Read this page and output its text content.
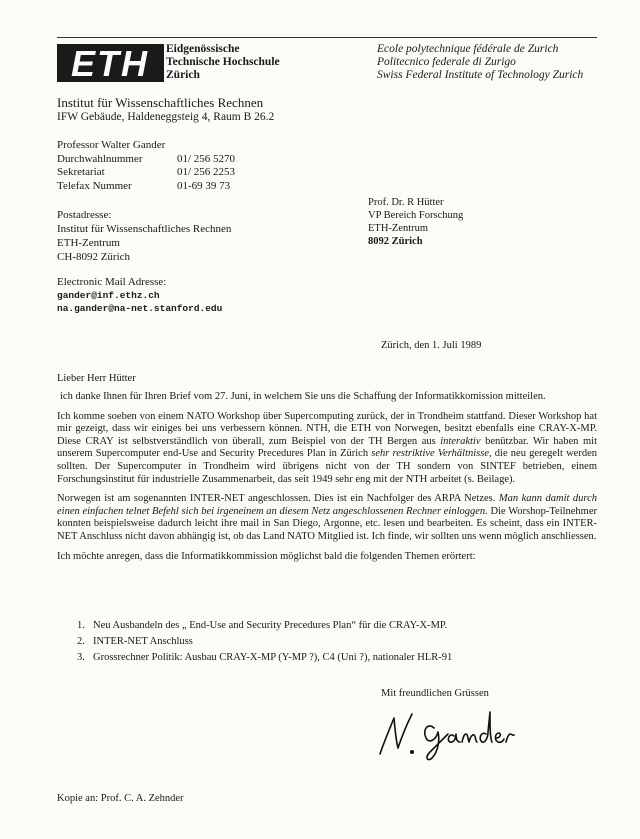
ETH Eidgenössische
Technische Hochschule
Zürich
Ecole polytechnique fédérale de Zurich
Politecnico federale di Zurigo
Swiss Federal Institute of Technology Zurich
Institut für Wissenschaftliches Rechnen
IFW Gebäude, Haldeneggsteig 4, Raum B 26.2
Professor Walter Gander
Durchwahlnummer	01/ 256 5270
Sekretariat	01/ 256 2253
Telefax Nummer	01-69 39 73
Prof. Dr. R Hütter
VP Bereich Forschung
ETH-Zentrum
8092 Zürich
Postadresse:
Institut für Wissenschaftliches Rechnen
ETH-Zentrum
CH-8092 Zürich
Electronic Mail Adresse:
gander@inf.ethz.ch
na.gander@na-net.stanford.edu
Zürich, den 1. Juli 1989
Lieber Herr Hütter

ich danke Ihnen für Ihren Brief vom 27. Juni, in welchem Sie uns die Schaffung der Informatikkomission mitteilen.

Ich komme soeben von einem NATO Workshop über Supercomputing zurück, der in Trondheim stattfand. Dieser Workshop hat mir gezeigt, dass wir einiges bei uns verbessern können. NTH, die ETH von Norwegen, besitzt ebenfalls eine CRAY-X-MP. Diese CRAY ist selbstverständlich von überall, zum Beispiel von der TH Bergen aus interaktiv benützbar. Wir haben mit unserem Supercomputer end-Use and Security Precedures Plan in Zürich sehr restriktive Verhältnisse, die neu geregelt werden sollten. Der Supercomputer in Trondheim wird übrigens nicht von der TH sondern von SINTEF betrieben, einem Forschungsinstitut für industrielle Zusammenarbeit, das seit 1949 sehr eng mit der NTH arbeitet (s. Beilage).

Norwegen ist am sogenannten INTER-NET angeschlossen. Dies ist ein Nachfolger des ARPA Netzes. Man kann damit durch einen einfachen telnet Befehl sich bei irgeneinem an diesem Netz angeschlossenen Rechner einloggen. Die Worshop-Teilnehmer konnten beispielsweise dadurch leicht ihre mail in San Diego, Argonne, etc. lesen und bearbeiten. Es scheint, dass ein INTER-NET Anschluss nicht davon abhängig ist, ob das Land NATO Mitglied ist. Ich finde, wir sollten uns wenn möglich anschliessen.

Ich möchte anregen, dass die Informatikkommission möglichst bald die folgenden Themen erörtert:

1. Neu Ausbandeln des „ End-Use and Security Precedures Plan“ für die CRAY-X-MP.
2. INTER-NET Anschluss
3. Grossrechner Politik: Ausbau CRAY-X-MP (Y-MP ?), C4 (Uni ?), nationaler HLR-91
Mit freundlichen Grüssen
Kopie an: Prof. C. A. Zehnder
